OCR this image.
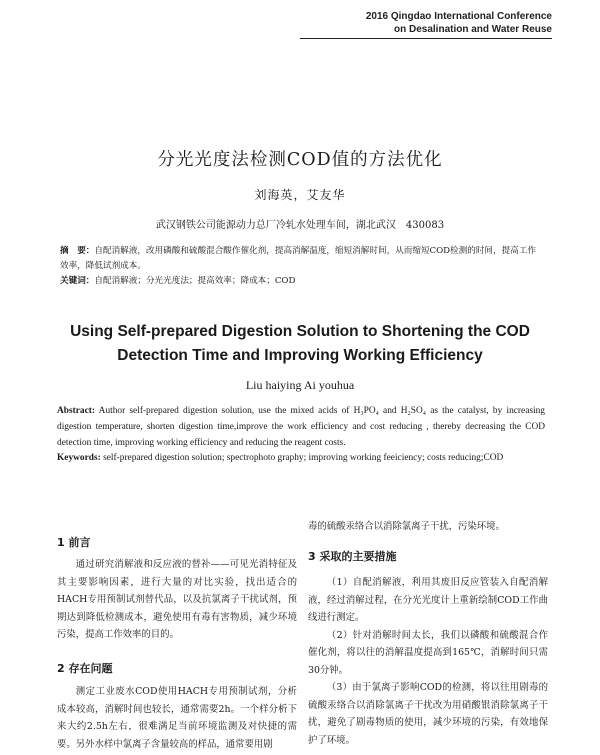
2016 Qingdao International Conference
on Desalination and Water Reuse
分光光度法检测COD值的方法优化
刘海英，艾友华
武汉钢铁公司能源动力总厂冷轧水处理车间，湖北武汉　430083

摘　要：自配消解液，改用磷酸和硫酸混合酸作催化剂，提高消解温度，缩短消解时间，从而缩短COD检测的时间，提高工作效率，降低试剂成本。

关键词：自配消解液；分光光度法；提高效率；降成本；COD

Using Self-prepared Digestion Solution to Shortening the COD
Detection Time and Improving Working Efficiency
Liu haiying Ai youhua

Abstract: Author self-prepared digestion solution, use the mixed acids of H₃PO₄ and H₂SO₄ as the catalyst, by increasing digestion temperature, shorten digestion time,improve the work efficiency and cost reducing , thereby decreasing the COD detection time, improving working efficiency and reducing the reagent costs.

Keywords: self-prepared digestion solution; spectrophoto graphy; improving working feeiciency; costs reducing;COD

1 前言

通过研究消解液和反应液的替补——可见光消特征及其主要影响因素，进行大量的对比实验，找出适合的HACH专用预制试剂替代品，以及抗氯离子干扰试剂，预期达到降低检测成本，避免使用有毒有害物质，减少环境污染，提高工作效率的目的。

2 存在问题

测定工业废水COD使用HACH专用预制试剂，分析成本较高，消解时间也较长，通常需要2h。一个样分析下来大约2.5h左右，很难满足当前环境监测及对快捷的需要。另外水样中氯离子含量较高的样品，通常要用剧

毒的硫酸汞络合以消除氯离子干扰，污染环境。

3 采取的主要措施

（1）自配消解液，利用其废旧反应管装入自配消解液，经过消解过程，在分光光度计上重新绘制COD工作曲线进行测定。

（2）针对消解时间太长，我们以磷酸和硫酸混合作催化剂，将以往的消解温度提高到165℃，消解时间只需30分钟。

（3）由于氯离子影响COD的检测，将以往用剧毒的硫酸汞络合以消除氯离子干扰改为用硝酸银消除氯离子干扰，避免了剧毒物质的使用，减少环境的污染，有效地保护了环境。
